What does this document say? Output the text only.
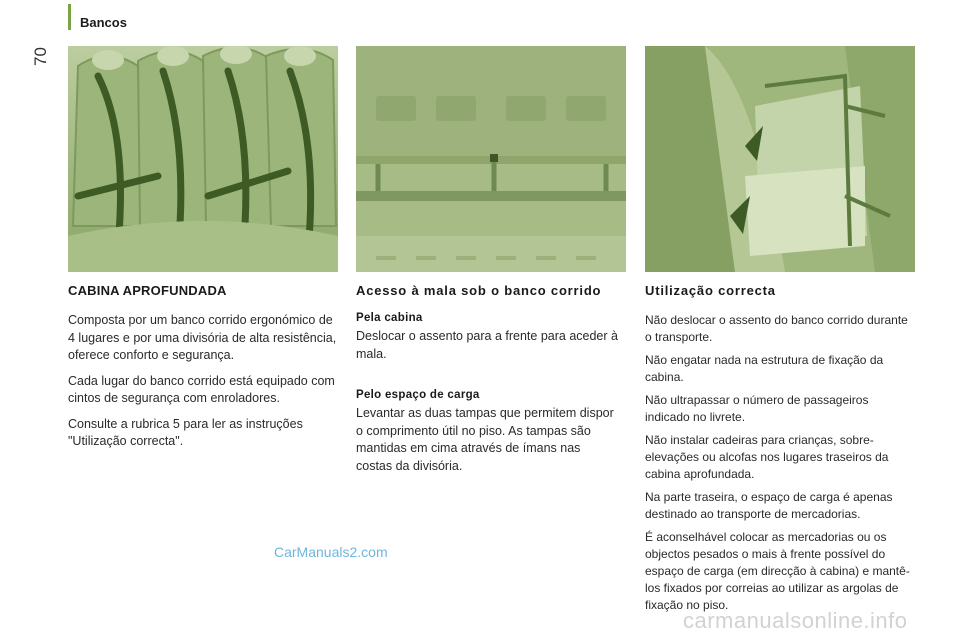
Bancos
70
CABINA APROFUNDADA

Composta por um banco corrido ergonómico de 4 lugares e por uma divisória de alta resistência, oferece conforto e segurança.

Cada lugar do banco corrido está equipado com cintos de segurança com enroladores.

Consulte a rubrica 5 para ler as instruções "Utilização correcta".

Acesso à mala sob o banco corrido
Pela cabina

Deslocar o assento para a frente para aceder à mala.

Pelo espaço de carga

Levantar as duas tampas que permitem dispor o comprimento útil no piso. As tampas são mantidas em cima através de ímans nas costas da divisória.

Utilização correcta

Não deslocar o assento do banco corrido durante o transporte.

Não engatar nada na estrutura de fixação da cabina.

Não ultrapassar o número de passageiros indicado no livrete.

Não instalar cadeiras para crianças, sobre-elevações ou alcofas nos lugares traseiros da cabina aprofundada.

Na parte traseira, o espaço de carga é apenas destinado ao transporte de mercadorias.

É aconselhável colocar as mercadorias ou os objectos pesados o mais à frente possível do espaço de carga (em direcção à cabina) e mantê-los fixados por correias ao utilizar as argolas de fixação no piso.

CarManuals2.com
carmanualsonline.info
